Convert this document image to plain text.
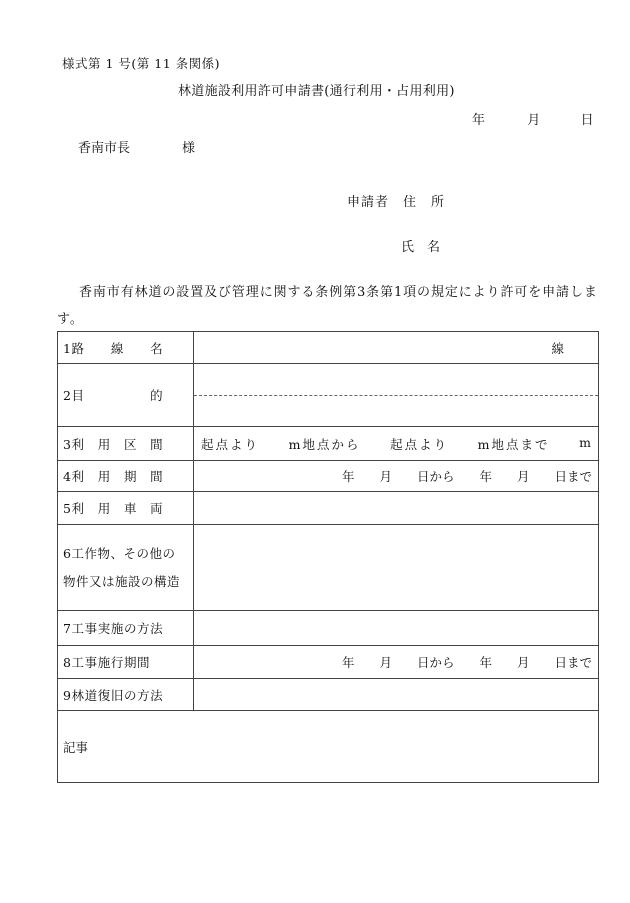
様式第 1 号(第 11 条関係)
林道施設利用許可申請書(通行利用・占用利用)
年	月	日
香南市長	様
申請者　住　所
氏　名
香南市有林道の設置及び管理に関する条例第3条第1項の規定により許可を申請します。
1路　　線　　名	線
2目　　　　　的	

3利　用　区　間	起点より m地点から 起点より m地点まで m

4利　用　期　間	年　　月　　日から　　年　　月　　日まで
5利　用　車　両	

6工作物、その他の物件又は施設の構造	

7工事実施の方法	
8工事施行期間	年　　月　　日から　　年　　月　　日まで
9林道復旧の方法	
記事	
